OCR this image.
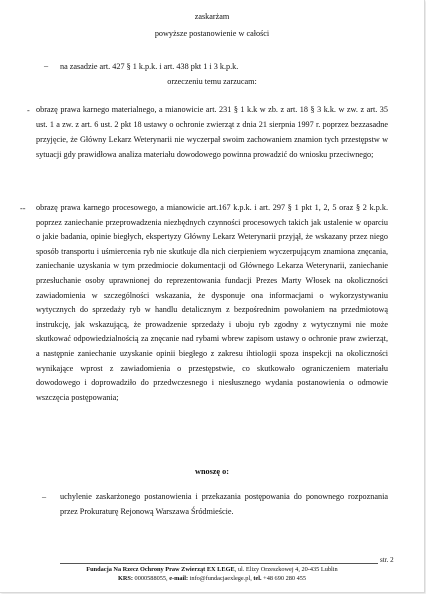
zaskarżam
powyższe postanowienie w całości
– na zasadzie art. 427 § 1 k.p.k. i art. 438 pkt 1 i 3 k.p.k.
orzeczeniu temu zarzucam:
- obrazę prawa karnego materialnego, a mianowicie art. 231 § 1 k.k w zb. z art. 18 § 3 k.k. w zw. z art. 35 ust. 1 a zw. z art. 6 ust. 2 pkt 18 ustawy o ochronie zwierząt z dnia 21 sierpnia 1997 r. poprzez bezzasadne przyjęcie, że Główny Lekarz Weterynarii nie wyczerpał swoim zachowaniem znamion tych przestępstw w sytuacji gdy prawidłowa analiza materiału dowodowego powinna prowadzić do wniosku przeciwnego;

-- obrazę prawa karnego procesowego, a mianowicie art.167 k.p.k. i art. 297 § 1 pkt 1, 2, 5 oraz § 2 k.p.k. poprzez zaniechanie przeprowadzenia niezbędnych czynności procesowych takich jak ustalenie w oparciu o jakie badania, opinie biegłych, ekspertyzy Główny Lekarz Weterynarii przyjął, że wskazany przez niego sposób transportu i uśmiercenia ryb nie skutkuje dla nich cierpieniem wyczerpującym znamiona znęcania, zaniechanie uzyskania w tym przedmiocie dokumentacji od Głównego Lekarza Weterynarii, zaniechanie przesłuchanie osoby uprawnionej do reprezentowania fundacji Prezes Marty Włosek na okoliczności zawiadomienia w szczególności wskazania, że dysponuje ona informacjami o wykorzystywaniu wytycznych do sprzedaży ryb w handlu detalicznym z bezpośrednim powołaniem na przedmiotową instrukcję, jak wskazującą, że prowadzenie sprzedaży i uboju ryb zgodny z wytycznymi nie może skutkować odpowiedzialnością za znęcanie nad rybami wbrew zapisom ustawy o ochronie praw zwierząt, a następnie zaniechanie uzyskanie opinii biegłego z zakresu ihtiologii spoza inspekcji na okoliczności wynikające wprost z zawiadomienia o przestępstwie, co skutkowało ograniczeniem materiału dowodowego i doprowadziło do przedwczesnego i niesłusznego wydania postanowienia o odmowie wszczęcia postępowania;

wnoszę o:
– uchylenie zaskarżonego postanowienia i przekazania postępowania do ponownego rozpoznania przez Prokuraturę Rejonową Warszawa Śródmieście.

str. 2
Fundacja Na Rzecz Ochrony Praw Zwierząt EX LEGE, ul. Elizy Orzeszkowej 4, 20-435 Lublin
KRS: 0000588055, e-mail: info@fundacjaexlege.pl, tel. +48 690 280 455
